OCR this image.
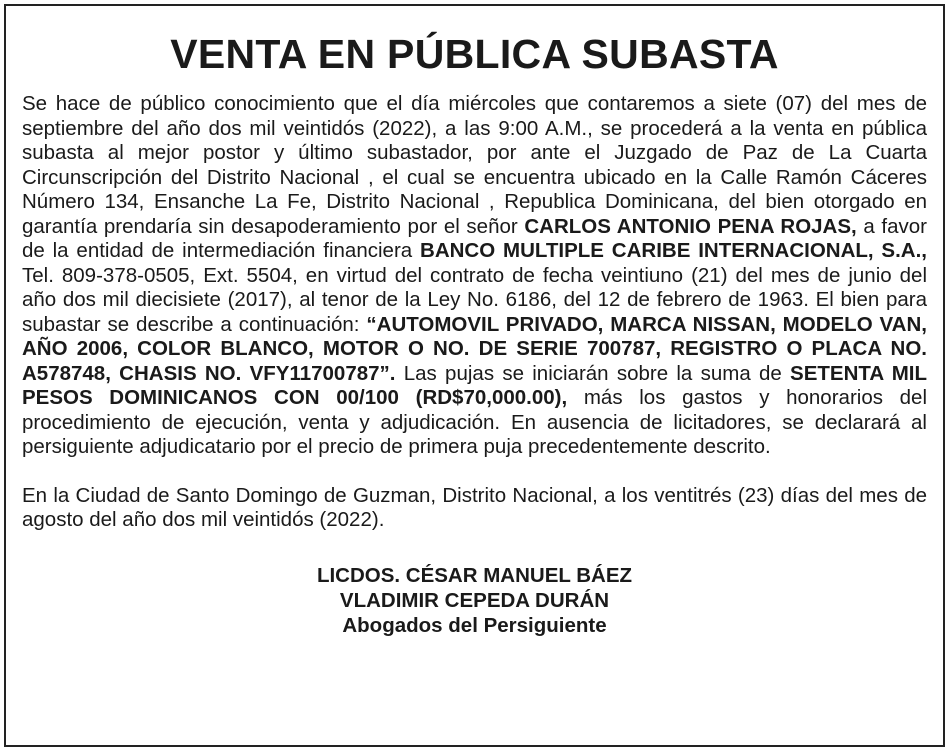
VENTA EN PÚBLICA SUBASTA

Se hace de público conocimiento que el día miércoles que contaremos a siete (07) del mes de septiembre del año dos mil veintidós (2022), a las 9:00 A.M., se procederá a la venta en pública subasta al mejor postor y último subastador, por ante el Juzgado de Paz de La Cuarta Circunscripción del Distrito Nacional , el cual se encuentra ubicado en la Calle Ramón Cáceres Número 134, Ensanche La Fe, Distrito Nacional , Republica Dominicana, del bien otorgado en garantía prendaría sin desapoderamiento por el señor CARLOS ANTONIO PENA ROJAS, a favor de la entidad de intermediación financiera BANCO MULTIPLE CARIBE INTERNACIONAL, S.A., Tel. 809-378-0505, Ext. 5504, en virtud del contrato de fecha veintiuno (21) del mes de junio del año dos mil diecisiete (2017), al tenor de la Ley No. 6186, del 12 de febrero de 1963. El bien para subastar se describe a continuación: “AUTOMOVIL PRIVADO, MARCA NISSAN, MODELO VAN, AÑO 2006, COLOR BLANCO, MOTOR O NO. DE SERIE 700787, REGISTRO O PLACA NO. A578748, CHASIS NO. VFY11700787”. Las pujas se iniciarán sobre la suma de SETENTA MIL PESOS DOMINICANOS CON 00/100 (RD$70,000.00), más los gastos y honorarios del procedimiento de ejecución, venta y adjudicación. En ausencia de licitadores, se declarará al persiguiente adjudicatario por el precio de primera puja precedentemente descrito.

En la Ciudad de Santo Domingo de Guzman, Distrito Nacional, a los ventitrés (23) días del mes de agosto del año dos mil veintidós (2022).

LICDOS. CÉSAR MANUEL BÁEZ
VLADIMIR CEPEDA DURÁN
Abogados del Persiguiente
